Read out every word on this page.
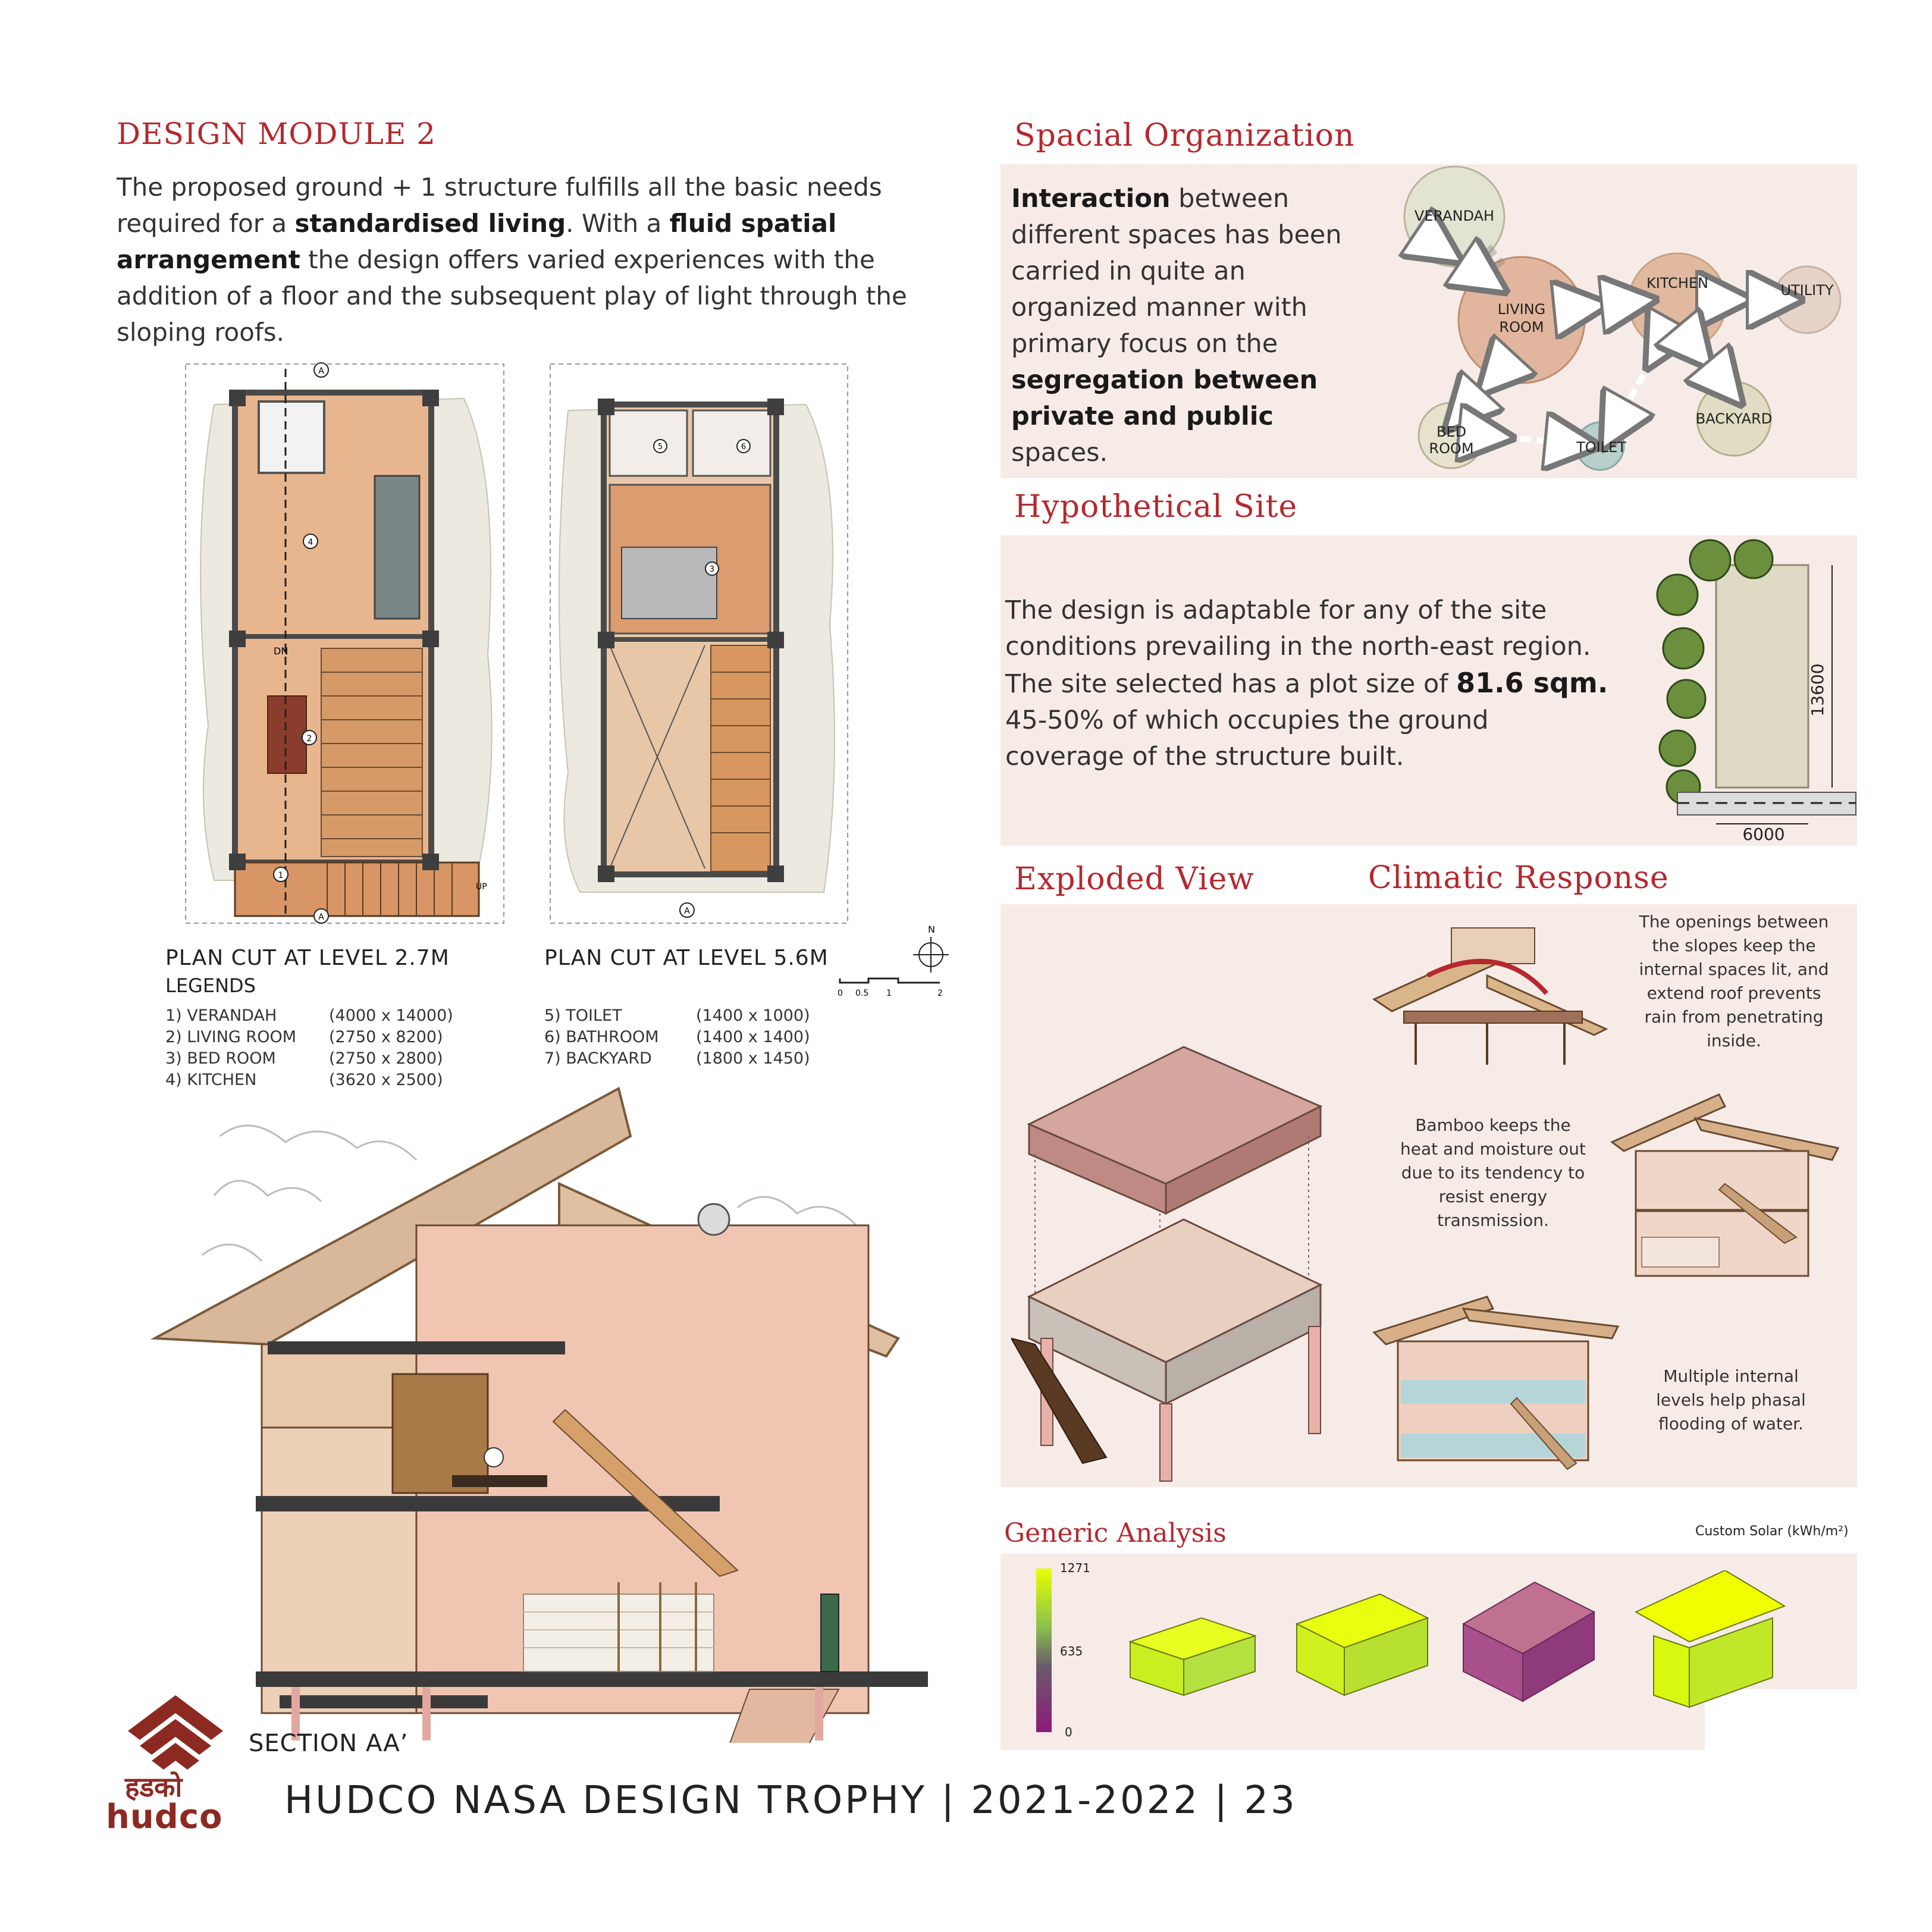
DESIGN MODULE 2
The proposed ground + 1 structure fulfills all the basic needs
required for a standardised living. With a fluid spatial
arrangement the design offers varied experiences with the
addition of a floor and the subsequent play of light through the
sloping roofs.
A
A
4
2
1
DN
UP
5	6
3
A
PLAN CUT AT LEVEL 2.7M	PLAN CUT AT LEVEL 5.6M
LEGENDS
1) VERANDAH	(4000 x 14000)
2) LIVING ROOM	(2750 x 8200)
3) BED ROOM	(2750 x 2800)
4) KITCHEN	(3620 x 2500)
5) TOILET	(1400 x 1000)
6) BATHROOM	(1400 x 1400)
7) BACKYARD	(1800 x 1450)
N
0 0.5 1	2
SECTION AA’
हडको
hudco HUDCO NASA DESIGN TROPHY | 2021-2022 | 23
Spacial Organization
Interaction between
different spaces has been
carried in quite an
organized manner with
primary focus on the
segregation between
private and public
spaces.
VERANDAH
LIVING
ROOM
KITCHEN	UTILITY
BED
ROOM	TOILET
BACKYARD
Hypothetical Site
The design is adaptable for any of the site
conditions prevailing in the north-east region.
The site selected has a plot size of 81.6 sqm.
45-50% of which occupies the ground
coverage of the structure built.
13600
6000
Exploded View	Climatic Response
The openings between
the slopes keep the
internal spaces lit, and
extend roof prevents
rain from penetrating
inside.
Bamboo keeps the
heat and moisture out
due to its tendency to
resist energy
transmission.
Multiple internal
levels help phasal
flooding of water.
Generic Analysis	Custom Solar (kWh/m²)
1271
635
0
